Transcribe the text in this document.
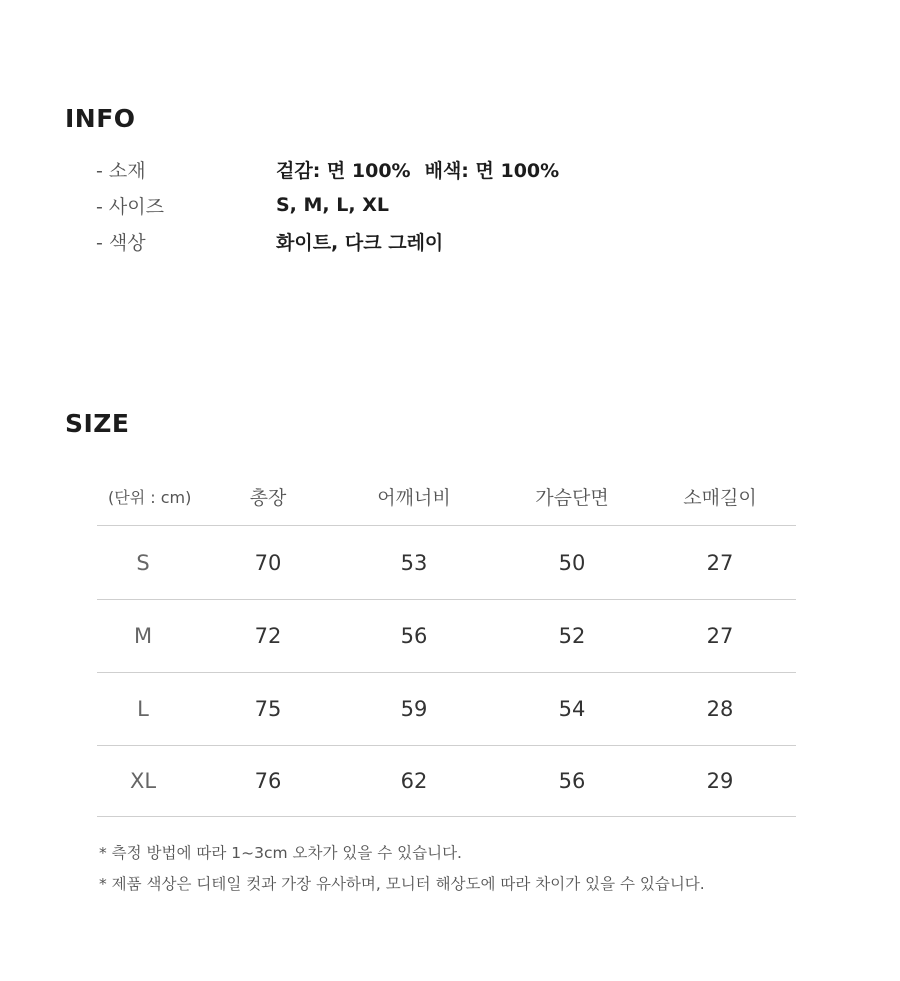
INFO
- 소재	겉감: 면 100% 배색: 면 100%
- 사이즈	S, M, L, XL
- 색상	화이트, 다크 그레이
SIZE
(단위 : cm)	총장	어깨너비	가슴단면	소매길이
S	70	53	50	27
M	72	56	52	27
L	75	59	54	28
XL	76	62	56	29
* 측정 방법에 따라 1~3cm 오차가 있을 수 있습니다.
* 제품 색상은 디테일 컷과 가장 유사하며, 모니터 해상도에 따라 차이가 있을 수 있습니다.
